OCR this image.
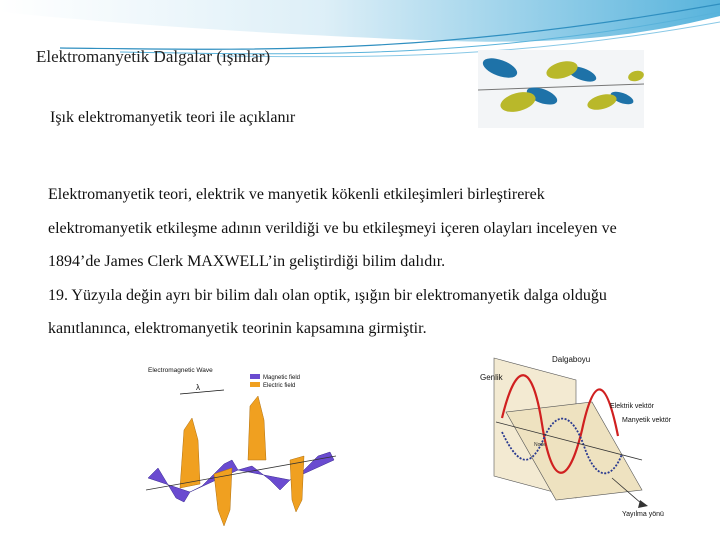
Elektromanyetik Dalgalar (ışınlar)
Işık elektromanyetik teori ile açıklanır

Elektromanyetik teori, elektrik ve manyetik kökenli etkileşimleri birleştirerek elektromanyetik etkileşme adının verildiği ve bu etkileşmeyi içeren olayları inceleyen ve 1894’de James Clerk MAXWELL’in geliştirdiği bilim dalıdır.

19. Yüzyıla değin ayrı bir bilim dalı olan optik, ışığın bir elektromanyetik dalga olduğu kanıtlanınca, elektromanyetik teorinin kapsamına girmiştir.

Electromagnetic Wave
Magnetic field
Electric field
λ
Genlik
Dalgaboyu
Elektrik vektör
Manyetik vektör
Yayılma yönü
Node
